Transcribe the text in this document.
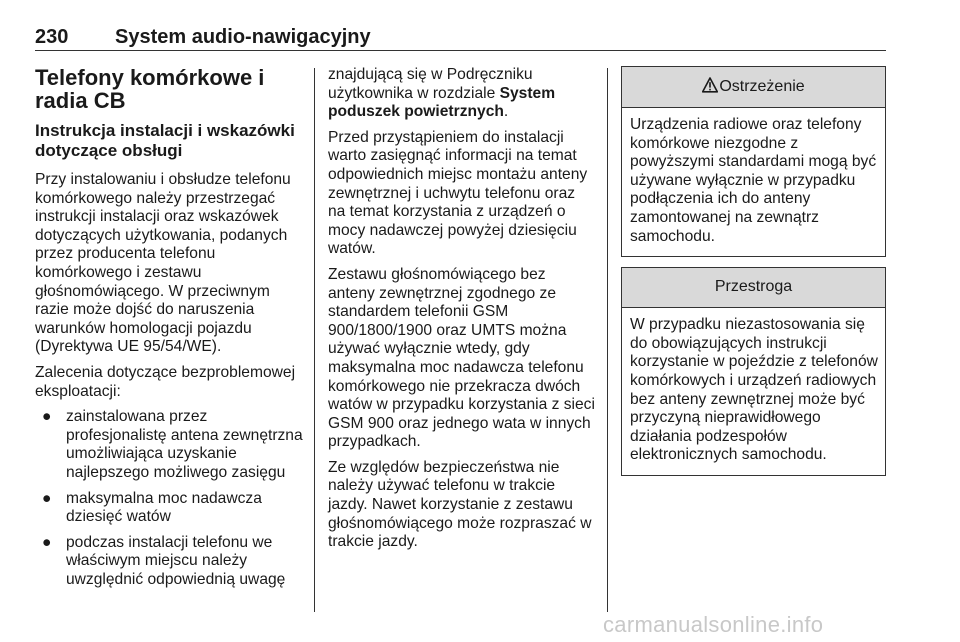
230 System audio-nawigacyjny
Telefony komórkowe i radia CB
Instrukcja instalacji i wskazówki dotyczące obsługi

Przy instalowaniu i obsłudze telefonu komórkowego należy przestrzegać instrukcji instalacji oraz wskazówek dotyczących użytkowania, podanych przez producenta telefonu komórkowego i zestawu głośnomówiącego. W przeciwnym razie może dojść do naruszenia warunków homologacji pojazdu (Dyrektywa UE 95/54/WE).

Zalecenia dotyczące bezproblemowej eksploatacji:

● zainstalowana przez profesjonalistę antena zewnętrzna umożliwiająca uzyskanie najlepszego możliwego zasięgu
● maksymalna moc nadawcza dziesięć watów
● podczas instalacji telefonu we właściwym miejscu należy uwzględnić odpowiednią uwagę

znajdującą się w Podręczniku użytkownika w rozdziale System poduszek powietrznych.

Przed przystąpieniem do instalacji warto zasięgnąć informacji na temat odpowiednich miejsc montażu anteny zewnętrznej i uchwytu telefonu oraz na temat korzystania z urządzeń o mocy nadawczej powyżej dziesięciu watów.

Zestawu głośnomówiącego bez anteny zewnętrznej zgodnego ze standardem telefonii GSM 900/1800/1900 oraz UMTS można używać wyłącznie wtedy, gdy maksymalna moc nadawcza telefonu komórkowego nie przekracza dwóch watów w przypadku korzystania z sieci GSM 900 oraz jednego wata w innych przypadkach.

Ze względów bezpieczeństwa nie należy używać telefonu w trakcie jazdy. Nawet korzystanie z zestawu głośnomówiącego może rozpraszać w trakcie jazdy.

Ostrzeżenie
Urządzenia radiowe oraz telefony komórkowe niezgodne z powyższymi standardami mogą być używane wyłącznie w przypadku podłączenia ich do anteny zamontowanej na zewnątrz samochodu.
Przestroga
W przypadku niezastosowania się do obowiązujących instrukcji korzystanie w pojeździe z telefonów komórkowych i urządzeń radiowych bez anteny zewnętrznej może być przyczyną nieprawidłowego działania podzespołów elektronicznych samochodu.
carmanualsonline.info
